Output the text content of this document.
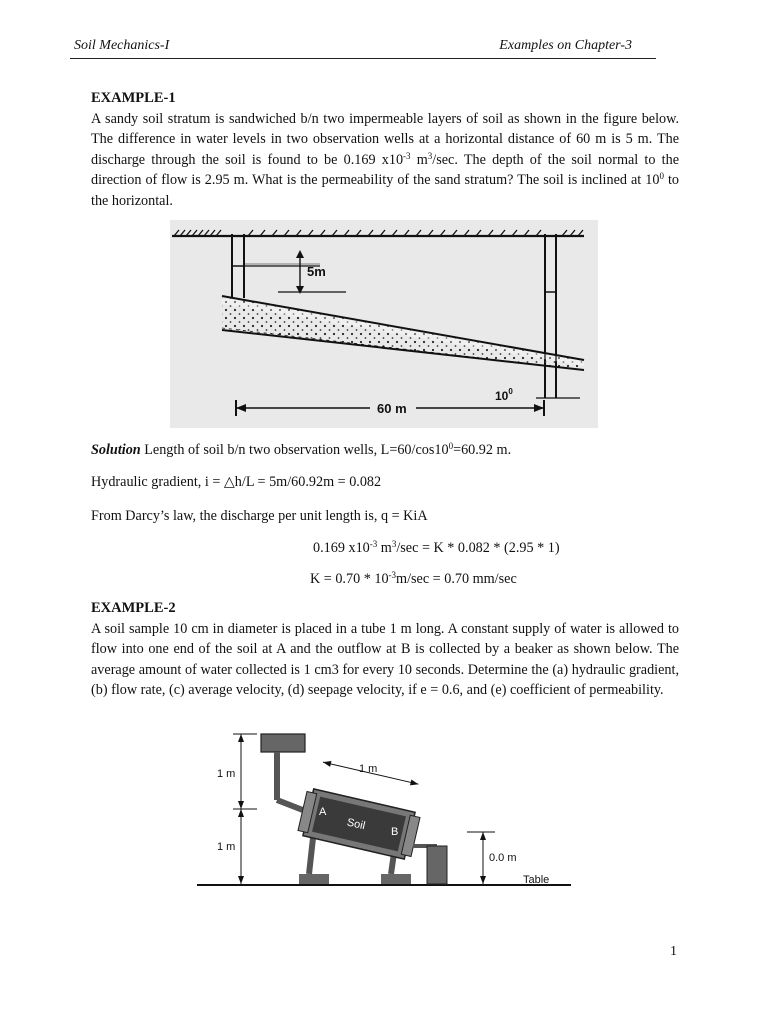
Soil Mechanics-I	Examples on Chapter-3
EXAMPLE-1

A sandy soil stratum is sandwiched b/n two impermeable layers of soil as shown in the figure below. The difference in water levels in two observation wells at a horizontal distance of 60 m is 5 m. The discharge through the soil is found to be 0.169 $x10^{-3}$ $m^3/\sec$. The depth of the soil normal to the direction of flow is 2.95 m. What is the permeability of the sand stratum? The soil is inclined at $10^0$ to the horizontal.

5m
$10^0$
60 m
Solution Length of soil b/n two observation wells, $L=60/\cos 10^0=60.92$ m.
Hydraulic gradient, i = △h/L = 5m/60.92m = 0.082
From Darcy’s law, the discharge per unit length is, q = KiA
0.169 $x10^{-3}$ $m^3/\sec = K * 0.082 * (2.95 * 1)$
$K = 0.70 * 10^{-3}m/\sec = 0.70$ mm/sec
EXAMPLE-2

A soil sample 10 cm in diameter is placed in a tube 1 m long. A constant supply of water is allowed to flow into one end of the soil at A and the outflow at B is collected by a beaker as shown below. The average amount of water collected is 1 cm3 for every 10 seconds. Determine the (a) hydraulic gradient, (b) flow rate, (c) average velocity, (d) seepage velocity, if e = 0.6, and (e) coefficient of permeability.

1 m
1 m
Soil
A
B
1 m
0.0 m
Table
1
